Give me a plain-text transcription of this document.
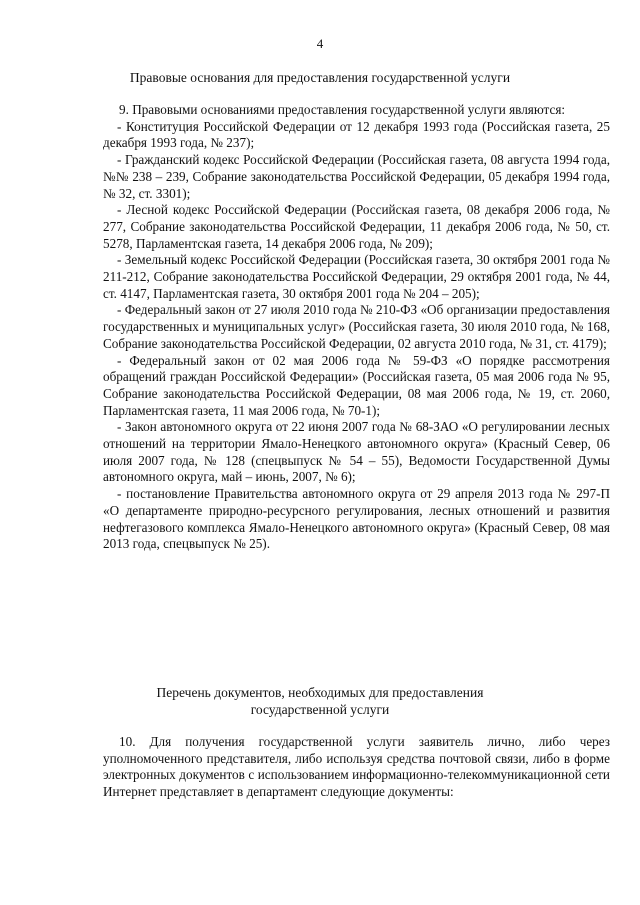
4
Правовые основания для предоставления государственной услуги

9. Правовыми основаниями предоставления государственной услуги являются:

- Конституция Российской Федерации от 12 декабря 1993 года (Российская газета, 25 декабря 1993 года, № 237);

- Гражданский кодекс Российской Федерации (Российская газета, 08 августа 1994 года, №№ 238 – 239, Собрание законодательства Российской Федерации, 05 декабря 1994 года, № 32, ст. 3301);

- Лесной кодекс Российской Федерации (Российская газета, 08 декабря 2006 года, № 277, Собрание законодательства Российской Федерации, 11 декабря 2006 года, № 50, ст. 5278, Парламентская газета, 14 декабря 2006 года, № 209);

- Земельный кодекс Российской Федерации (Российская газета, 30 октября 2001 года № 211-212, Собрание законодательства Российской Федерации, 29 октября 2001 года, № 44, ст. 4147, Парламентская газета, 30 октября 2001 года № 204 – 205);

- Федеральный закон от 27 июля 2010 года № 210-ФЗ «Об организации предоставления государственных и муниципальных услуг» (Российская газета, 30 июля 2010 года, № 168, Собрание законодательства Российской Федерации, 02 августа 2010 года, № 31, ст. 4179);

- Федеральный закон от 02 мая 2006 года № 59-ФЗ «О порядке рассмотрения обращений граждан Российской Федерации» (Российская газета, 05 мая 2006 года № 95, Собрание законодательства Российской Федерации, 08 мая 2006 года, № 19, ст. 2060, Парламентская газета, 11 мая 2006 года, № 70-1);

- Закон автономного округа от 22 июня 2007 года № 68-ЗАО «О регулировании лесных отношений на территории Ямало-Ненецкого автономного округа» (Красный Север, 06 июля 2007 года, № 128 (спецвыпуск № 54 – 55), Ведомости Государственной Думы автономного округа, май – июнь, 2007, № 6);

- постановление Правительства автономного округа от 29 апреля 2013 года № 297-П «О департаменте природно-ресурсного регулирования, лесных отношений и развития нефтегазового комплекса Ямало-Ненецкого автономного округа» (Красный Север, 08 мая 2013 года, спецвыпуск № 25).

Перечень документов, необходимых для предоставления
государственной услуги

10. Для получения государственной услуги заявитель лично, либо через уполномоченного представителя, либо используя средства почтовой связи, либо в форме электронных документов с использованием информационно-телекоммуникационной сети Интернет представляет в департамент следующие документы:
